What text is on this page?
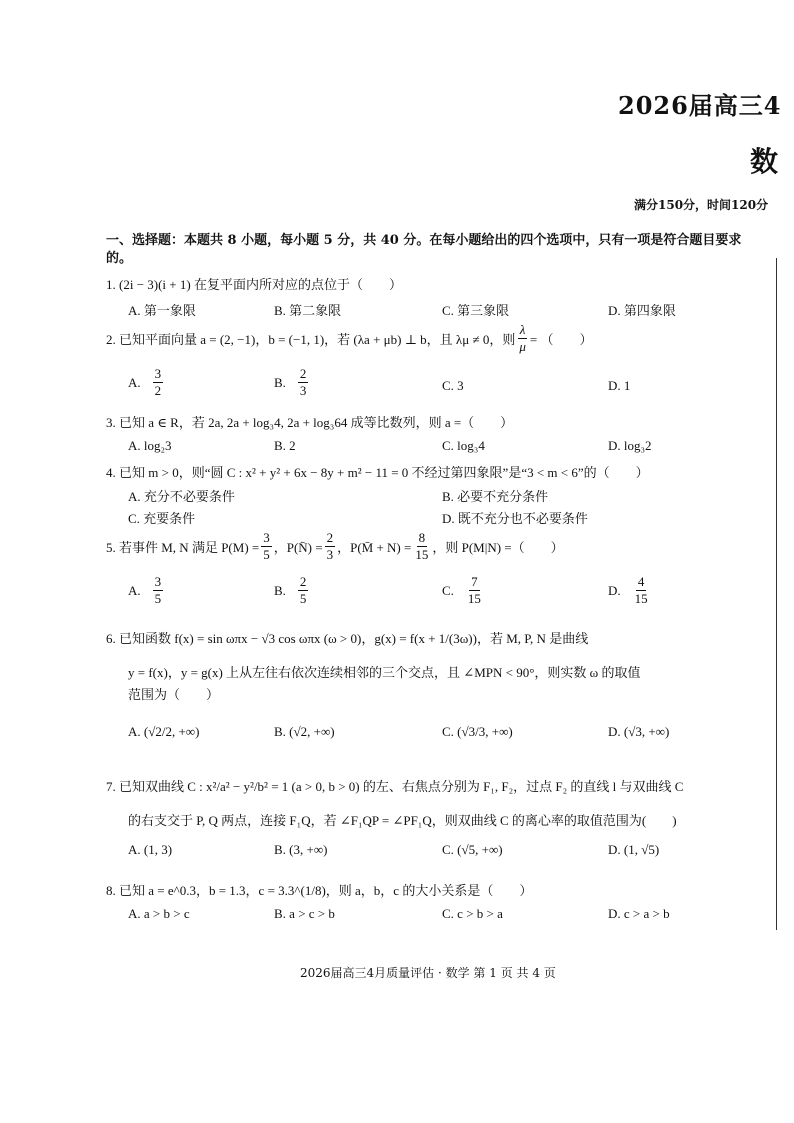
2026届高三4
数
满分150分，时间120分
一、选择题：本题共 8 小题，每小题 5 分，共 40 分。在每小题给出的四个选项中，只有一项是符合题目要求的。
1. (2i − 3)(i + 1) 在复平面内所对应的点位于（　　）
A. 第一象限	B. 第二象限	C. 第三象限	D. 第四象限
2. 已知平面向量 a = (2, −1)，b = (−1, 1)，若 (λa + μb) ⊥ b，且 λμ ≠ 0，则 $\frac{\lambda}{\mu}$ = （　　）
A. $\frac{3}{2}$	B. $\frac{2}{3}$	C. 3	D. 1
3. 已知 a ∈ R，若 2a, 2a + log₃4, 2a + log₃64 成等比数列，则 a =（　　）
A. log₂3	B. 2	C. log₃4	D. log₃2
4. 已知 m > 0，则“圆 C : x² + y² + 6x − 8y + m² − 11 = 0 不经过第四象限”是“3 < m < 6”的（　　）
A. 充分不必要条件	B. 必要不充分条件
C. 充要条件	D. 既不充分也不必要条件
5. 若事件 M, N 满足 $P(M) = \frac{3}{5}$ ，P(N̄) = $\frac{2}{3}$ ，P(M̄ + $N) = \frac{8}{15}$ ，则 P(M|N) =（　　）
A. $\frac{3}{5}$	B. $\frac{2}{5}$	C. $\frac{7}{15}$	D. $\frac{4}{15}$
6. 已知函数 f(x) = sin ωπx − √3 cos ωπx (ω > 0)，g(x) = f(x + 1/(3ω))，若 M, P, N 是曲线
y = f(x)，y = g(x) 上从左往右依次连续相邻的三个交点，且 ∠MPN < 90°，则实数 ω 的取值
范围为（　　）
A. (√2/2, +∞)	B. (√2, +∞)	C. (√3/3, +∞)	D. (√3, +∞)
7. 已知双曲线 C : x²/a² − y²/b² = 1 (a > 0, b > 0) 的左、右焦点分别为 F₁, F₂，过点 F₂ 的直线 l 与双曲线 C
的右支交于 P, Q 两点，连接 F₁Q，若 ∠F₁QP = ∠PF₁Q，则双曲线 C 的离心率的取值范围为(　　)
A. (1, 3)	B. (3, +∞)	C. (√5, +∞)	D. (1, √5)
8. 已知 a = e^0.3，b = 1.3，c = 3.3^(1/8)，则 a，b，c 的大小关系是（　　）
A. a > b > c	B. a > c > b	C. c > b > a	D. c > a > b
2026届高三4月质量评估 · 数学 第 1 页 共 4 页
